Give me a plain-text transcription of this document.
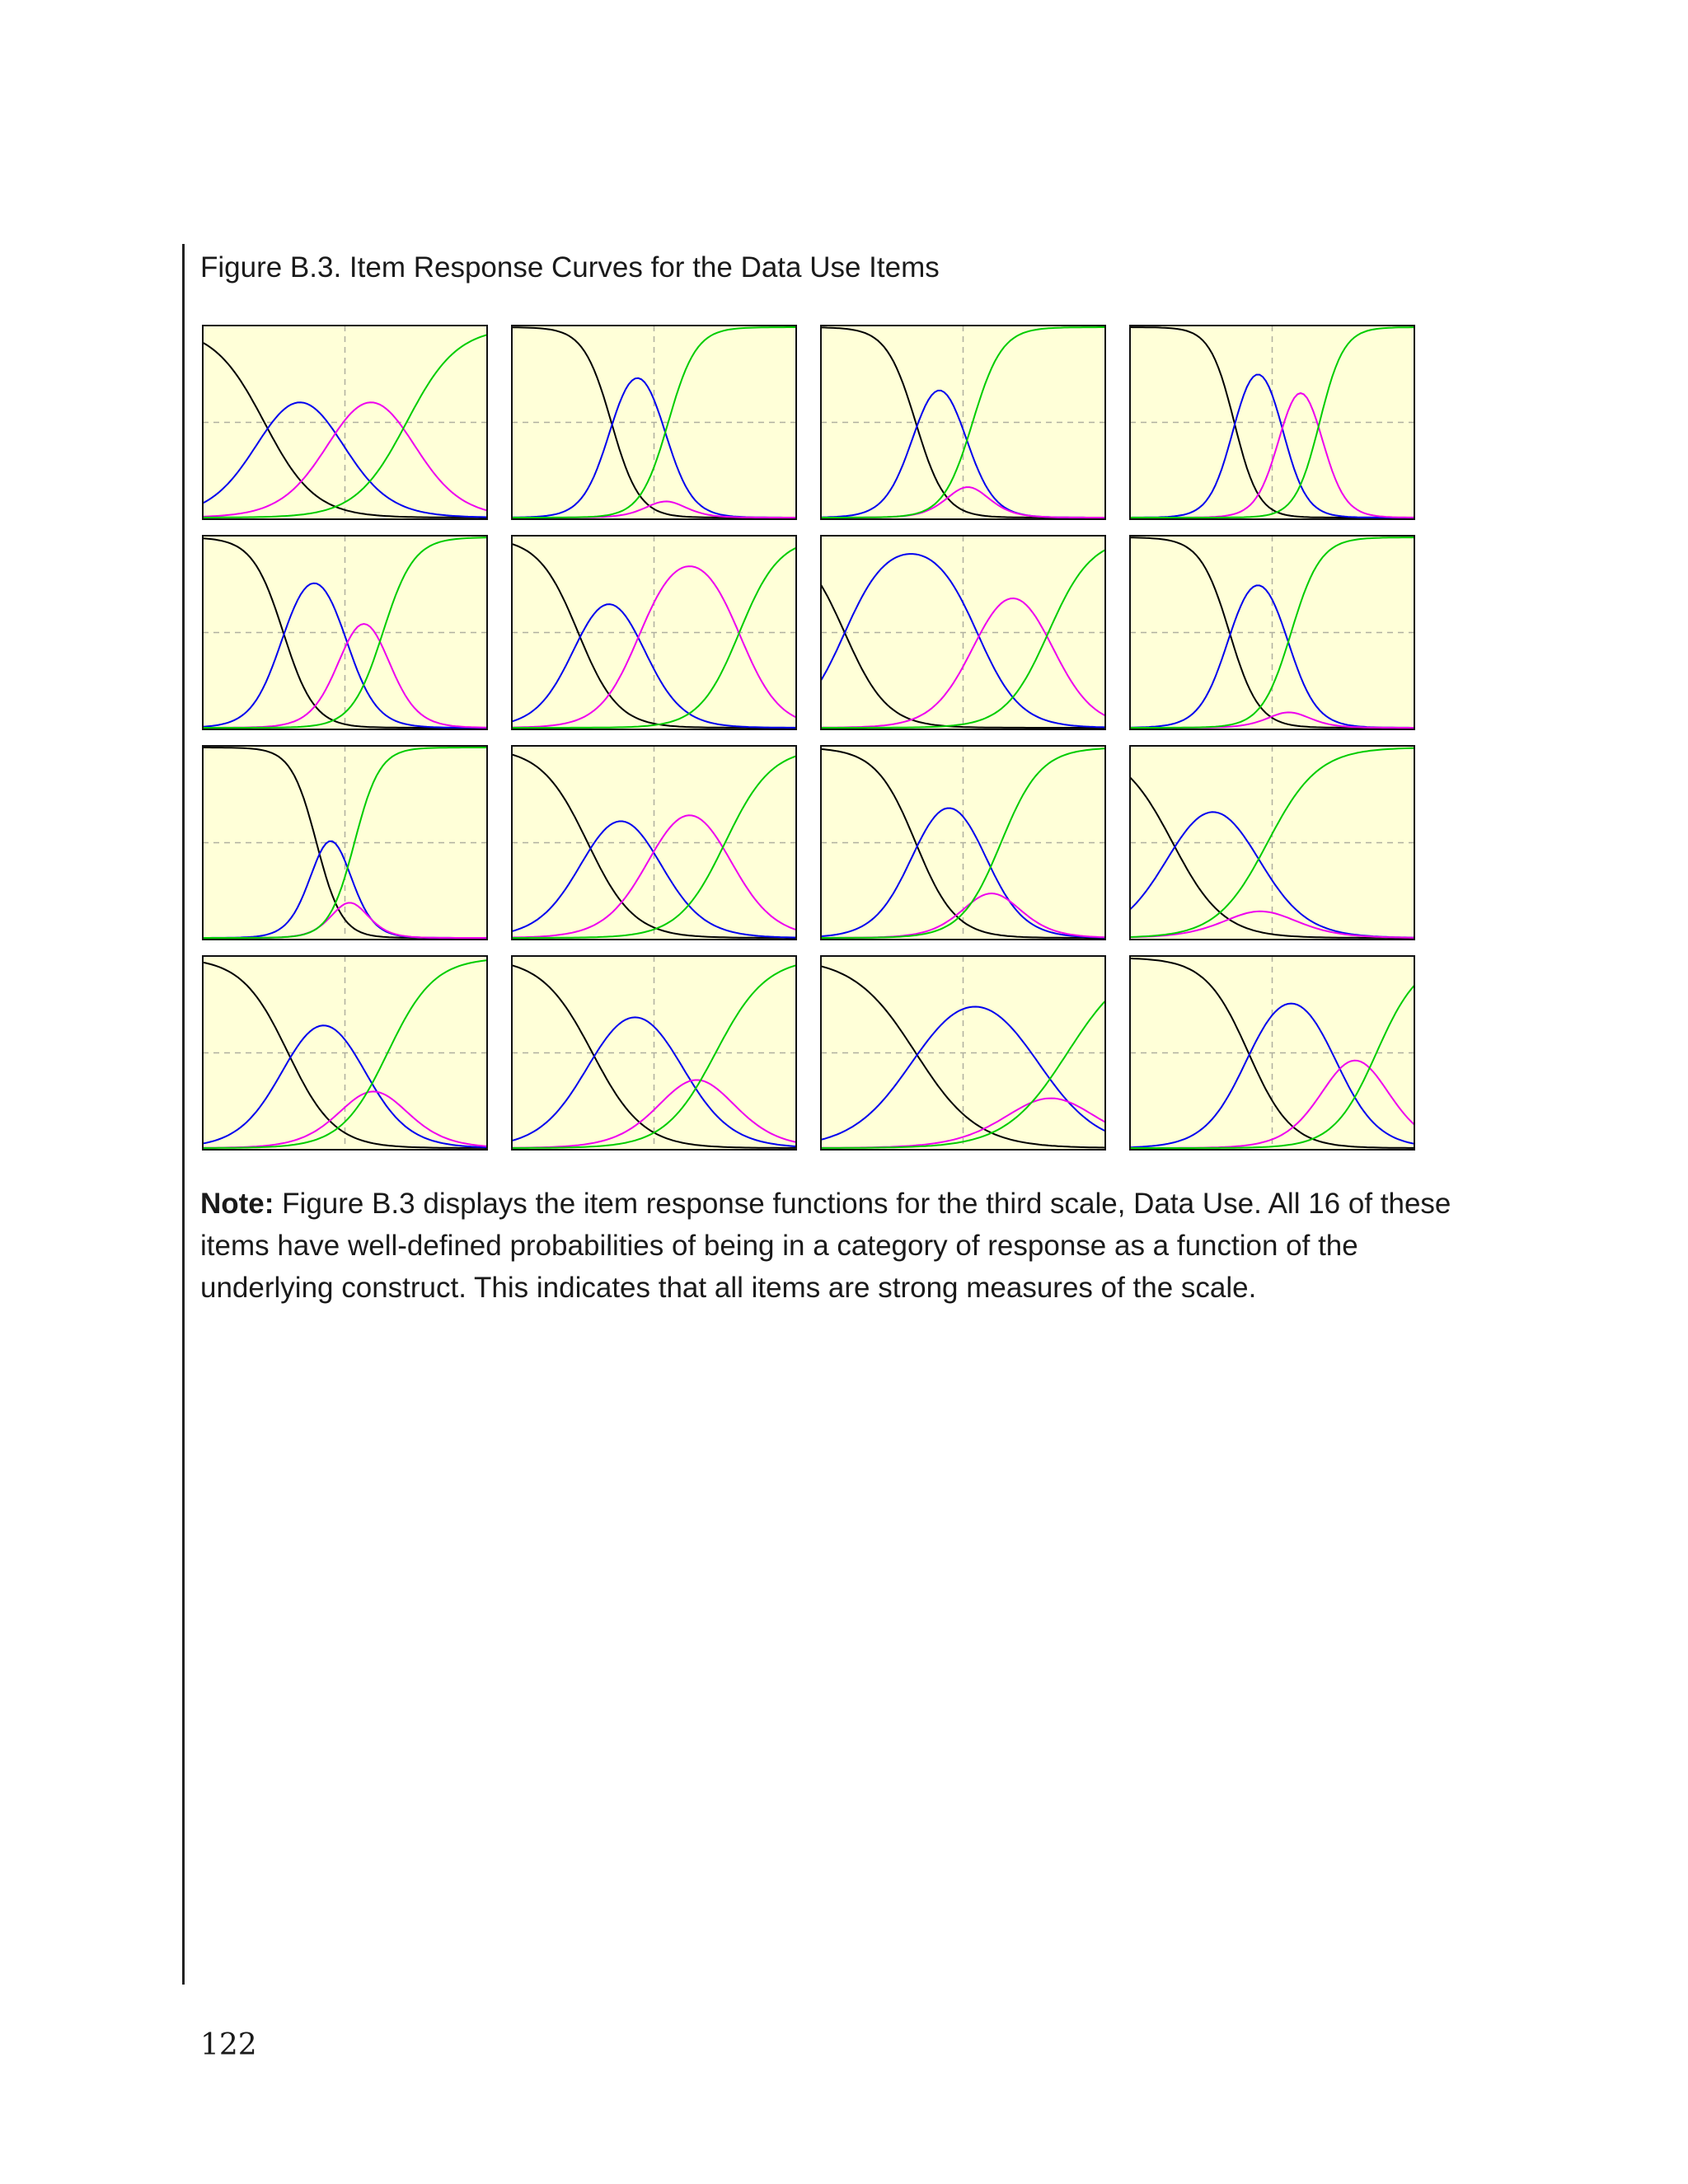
Figure B.3. Item Response Curves for the Data Use Items
Note: Figure B.3 displays the item response functions for the third scale, Data Use. All 16 of these items have well-defined probabilities of being in a category of response as a function of the underlying construct. This indicates that all items are strong measures of the scale.
122
